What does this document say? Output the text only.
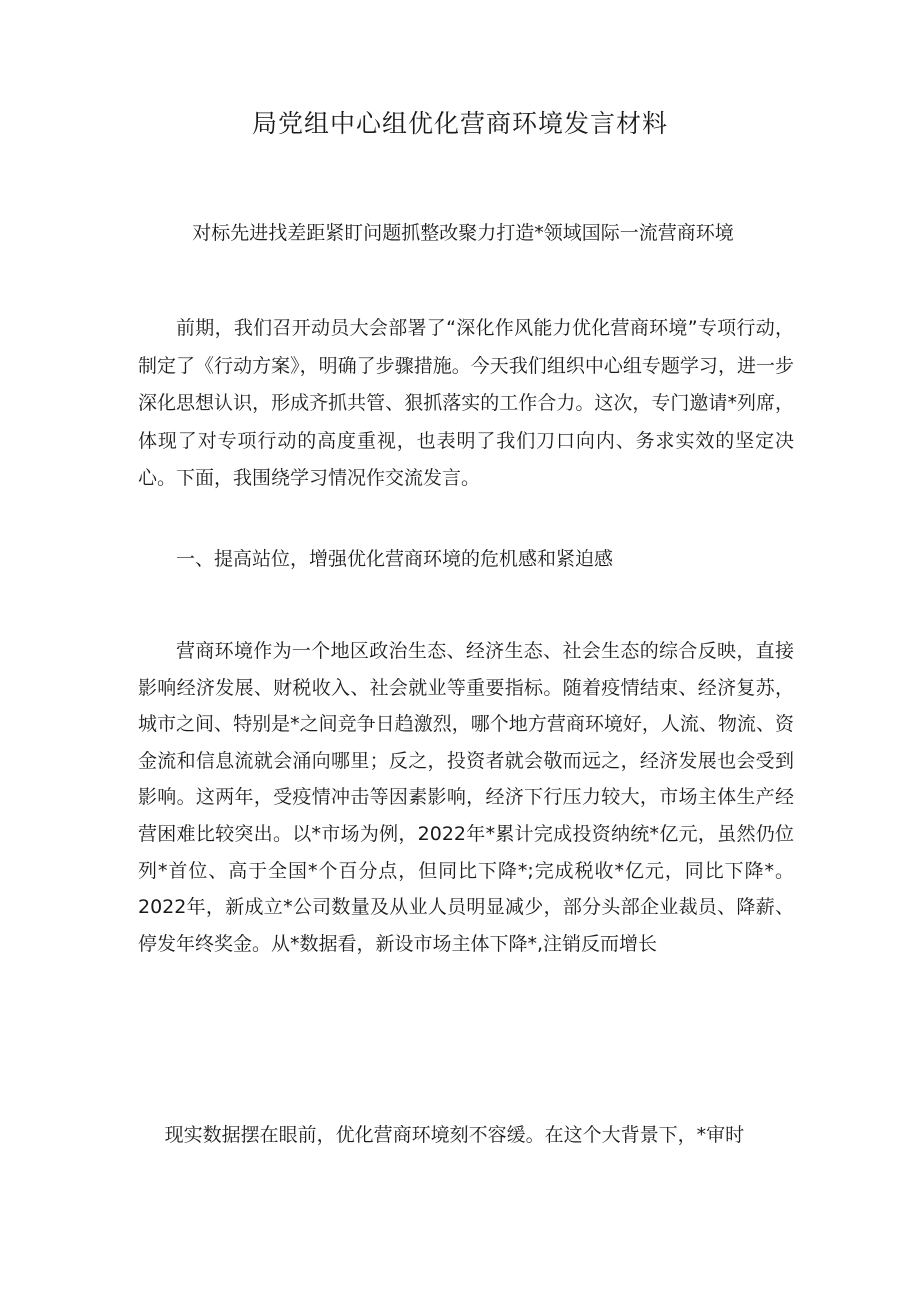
局党组中心组优化营商环境发言材料
对标先进找差距紧盯问题抓整改聚力打造*领域国际一流营商环境
前期，我们召开动员大会部署了“深化作风能力优化营商环境”专项行动，制定了《行动方案》，明确了步骤措施。今天我们组织中心组专题学习，进一步深化思想认识，形成齐抓共管、狠抓落实的工作合力。这次，专门邀请*列席，体现了对专项行动的高度重视，也表明了我们刀口向内、务求实效的坚定决心。下面，我围绕学习情况作交流发言。
一、提高站位，增强优化营商环境的危机感和紧迫感
营商环境作为一个地区政治生态、经济生态、社会生态的综合反映，直接影响经济发展、财税收入、社会就业等重要指标。随着疫情结束、经济复苏，城市之间、特别是*之间竞争日趋激烈，哪个地方营商环境好，人流、物流、资金流和信息流就会涌向哪里；反之，投资者就会敬而远之，经济发展也会受到影响。这两年，受疫情冲击等因素影响，经济下行压力较大，市场主体生产经营困难比较突出。以*市场为例，2022年*累计完成投资纳统*亿元，虽然仍位列*首位、高于全国*个百分点，但同比下降*;完成税收*亿元，同比下降*。2022年，新成立*公司数量及从业人员明显减少，部分头部企业裁员、降薪、停发年终奖金。从*数据看，新设市场主体下降*,注销反而增长
现实数据摆在眼前，优化营商环境刻不容缓。在这个大背景下，*审时
